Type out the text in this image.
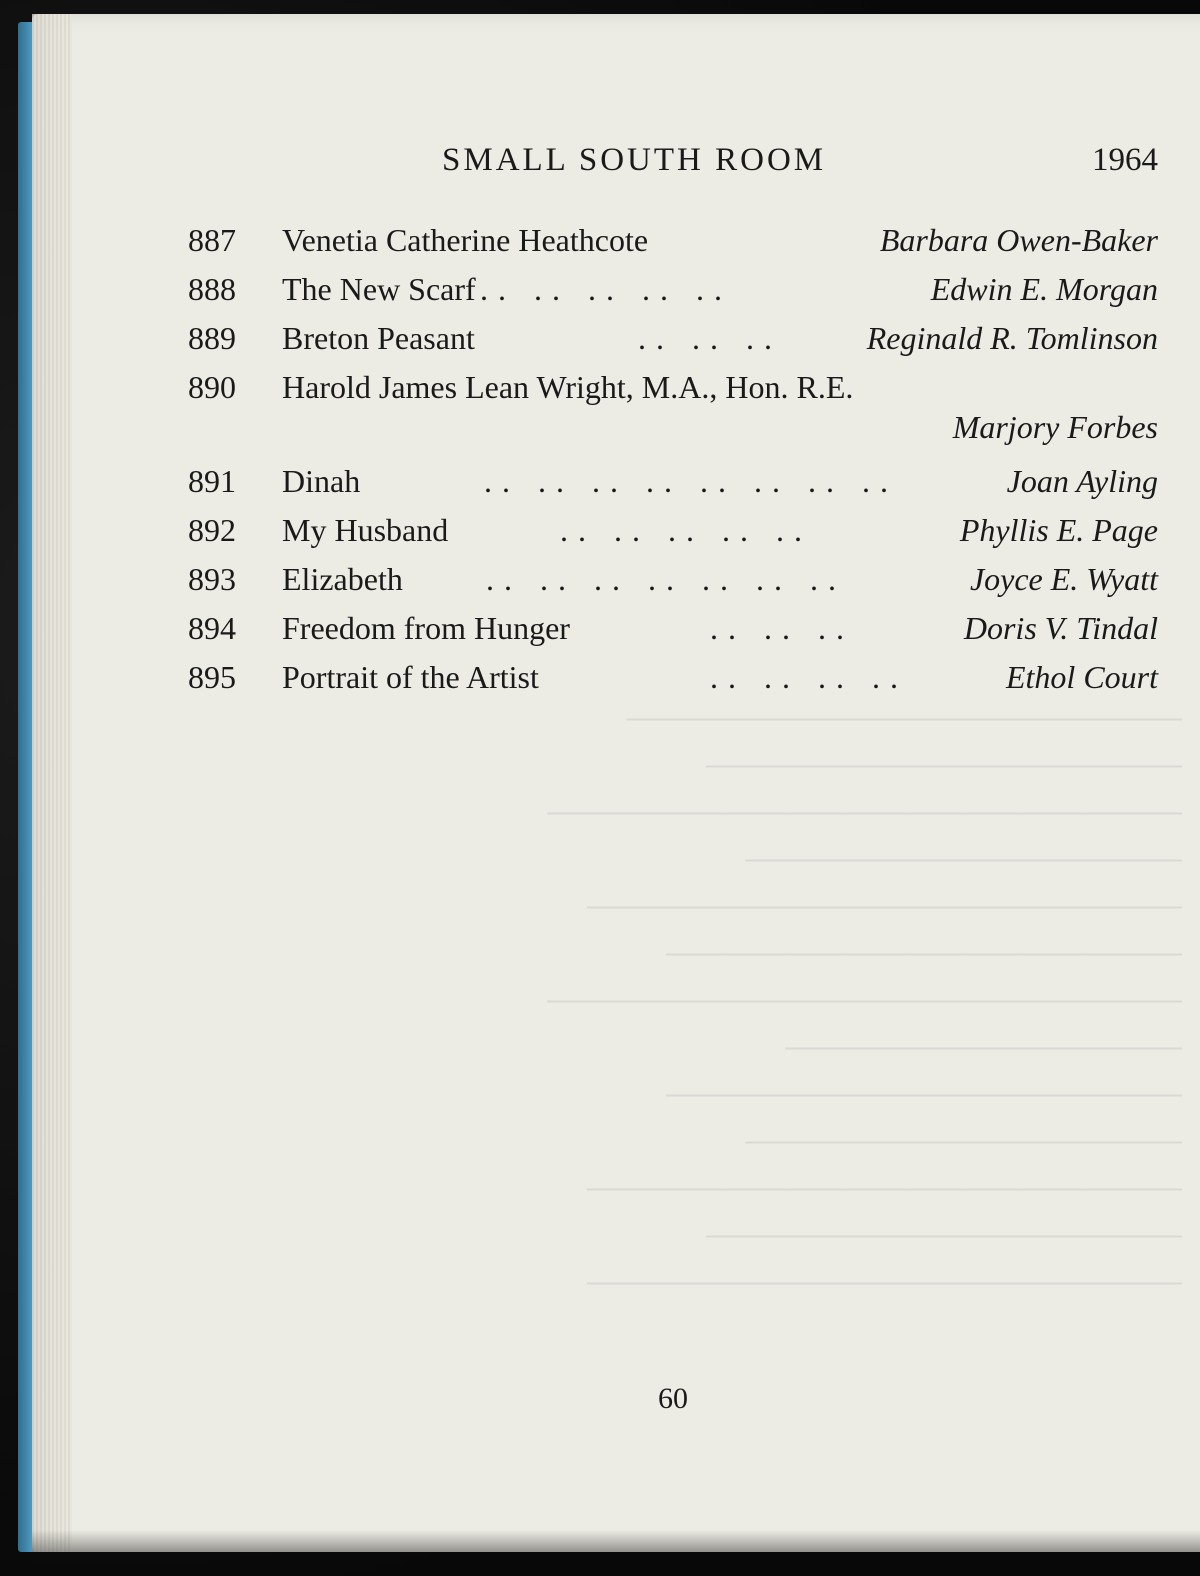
SMALL SOUTH ROOM	1964
887	Venetia Catherine Heathcote	Barbara Owen-Baker
888	The New Scarf .. .. .. .. ..	Edwin E. Morgan
889	Breton Peasant	.. .. ..	Reginald R. Tomlinson
890	Harold James Lean Wright, M.A., Hon. R.E.
Marjory Forbes
891	Dinah	.. .. .. .. .. .. .. ..	Joan Ayling
892	My Husband	.. .. .. .. ..	Phyllis E. Page
893	Elizabeth	.. .. .. .. .. .. ..	Joyce E. Wyatt
894	Freedom from Hunger	.. .. ..	Doris V. Tindal
895	Portrait of the Artist	.. .. .. ..	Ethol Court
────────────────────────────
────────────────────────
────────────────────────────────
──────────────────────
──────────────────────────────
──────────────────────────
────────────────────────────────
────────────────────
──────────────────────────
──────────────────────
──────────────────────────────
────────────────────────
──────────────────────────────
60
